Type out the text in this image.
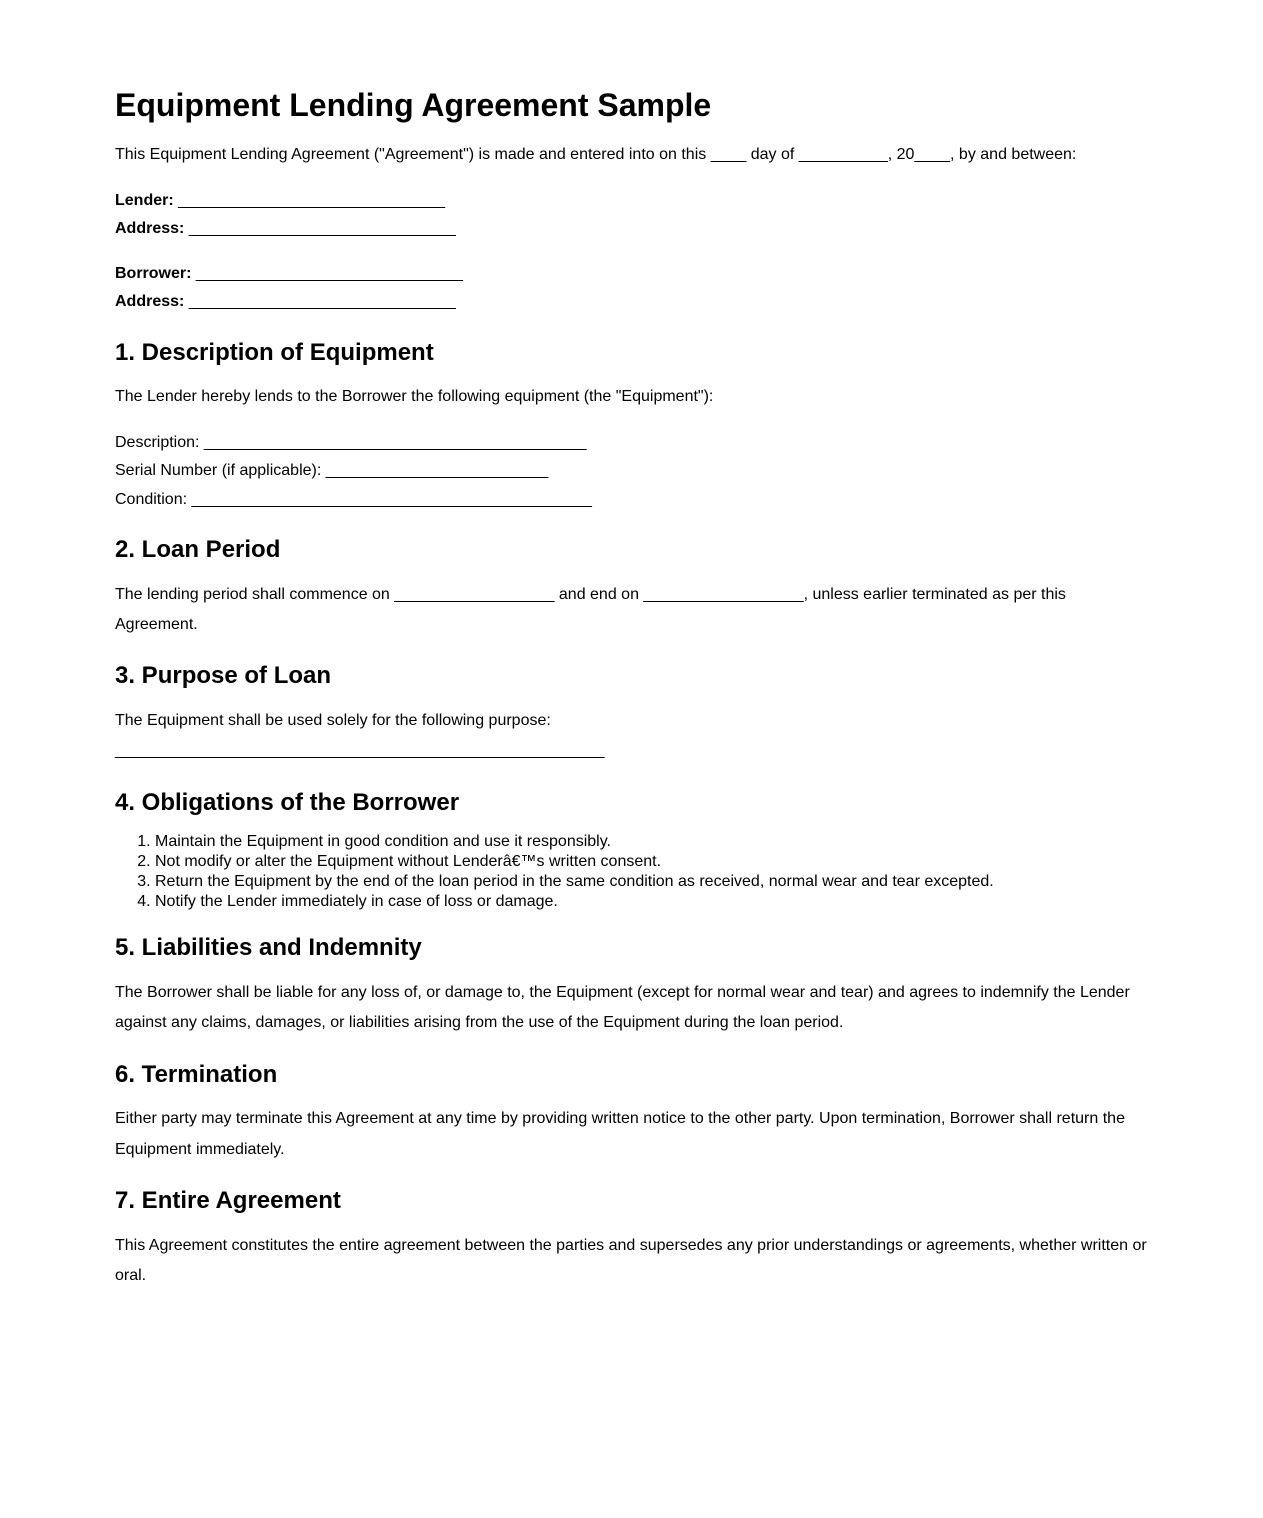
Equipment Lending Agreement Sample

This Equipment Lending Agreement ("Agreement") is made and entered into on this ____ day of __________, 20____, by and between:

Lender: ______________________________
Address: ______________________________
Borrower: ______________________________
Address: ______________________________
1. Description of Equipment

The Lender hereby lends to the Borrower the following equipment (the "Equipment"):

Description: ___________________________________________
Serial Number (if applicable): _________________________
Condition: _____________________________________________
2. Loan Period

The lending period shall commence on __________________ and end on __________________, unless earlier terminated as per this Agreement.

3. Purpose of Loan

The Equipment shall be used solely for the following purpose:
_______________________________________________________

4. Obligations of the Borrower
1. Maintain the Equipment in good condition and use it responsibly.
2. Not modify or alter the Equipment without Lenderâ€™s written consent.
3. Return the Equipment by the end of the loan period in the same condition as received, normal wear and tear excepted.
4. Notify the Lender immediately in case of loss or damage.
5. Liabilities and Indemnity

The Borrower shall be liable for any loss of, or damage to, the Equipment (except for normal wear and tear) and agrees to indemnify the Lender against any claims, damages, or liabilities arising from the use of the Equipment during the loan period.

6. Termination

Either party may terminate this Agreement at any time by providing written notice to the other party. Upon termination, Borrower shall return the Equipment immediately.

7. Entire Agreement

This Agreement constitutes the entire agreement between the parties and supersedes any prior understandings or agreements, whether written or oral.
